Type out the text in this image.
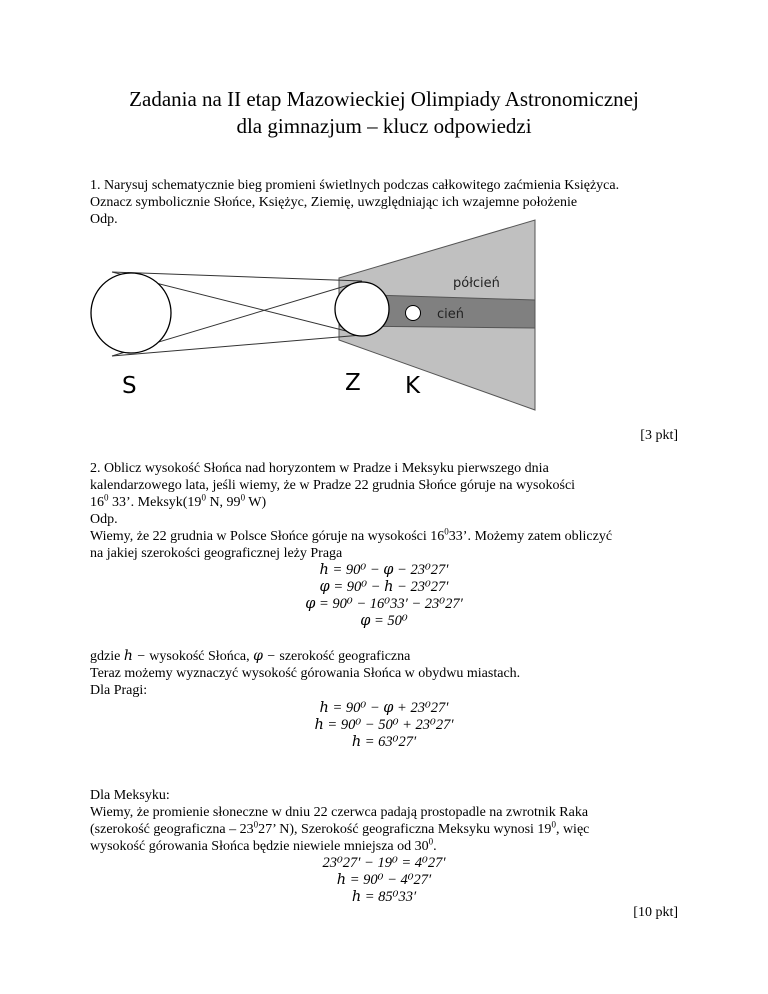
Zadania na II etap Mazowieckiej Olimpiady Astronomicznej
dla gimnazjum – klucz odpowiedzi
1. Narysuj schematycznie bieg promieni świetlnych podczas całkowitego zaćmienia Księżyca.
Oznacz symbolicznie Słońce, Księżyc, Ziemię, uwzględniając ich wzajemne położenie
Odp.
półcień
cień
S	Z K
[3 pkt]
2. Oblicz wysokość Słońca nad horyzontem w Pradze i Meksyku pierwszego dnia
kalendarzowego lata, jeśli wiemy, że w Pradze 22 grudnia Słońce góruje na wysokości
$16^0$ 33’. $Meksyk(19^0$ N, $99^0$ W)
Odp.
Wiemy, że 22 grudnia w Polsce Słońce góruje na wysokości $16^033$’. Możemy zatem obliczyć
na jakiej szerokości geograficznej leży Praga
ℎ = 90⁰ − 𝜑 − 23⁰27′
𝜑 = 90⁰ − ℎ − 23⁰27′
𝜑 = 90⁰ − 16⁰33′ − 23⁰27′
𝜑 = 50⁰
gdzie ℎ − wysokość Słońca, 𝜑 − szerokość geograficzna
Teraz możemy wyznaczyć wysokość górowania Słońca w obydwu miastach.
Dla Pragi:
ℎ = 90⁰ − 𝜑 + 23⁰27′
ℎ = 90⁰ − 50⁰ + 23⁰27′
ℎ = 63⁰27′
Dla Meksyku:
Wiemy, że promienie słoneczne w dniu 22 czerwca padają prostopadle na zwrotnik Raka
(szerokość geograficzna – $23^027$’ N), Szerokość geograficzna Meksyku wynosi $19^0$, więc
wysokość górowania Słońca będzie niewiele mniejsza od $30^0$.
23⁰27′ − 19⁰ = 4⁰27′
ℎ = 90⁰ − 4⁰27′
ℎ = 85⁰33′
[10 pkt]
